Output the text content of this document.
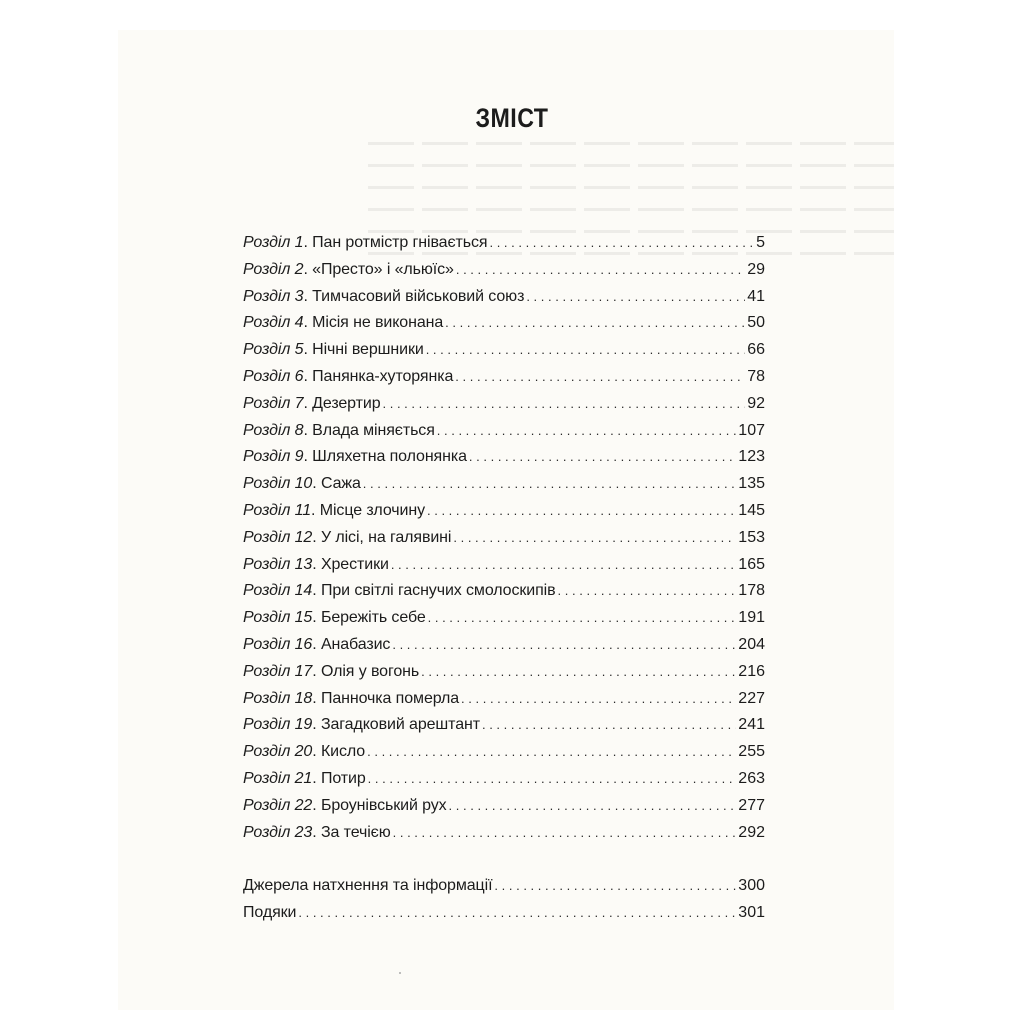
ЗМІСТ
Розділ 1. Пан ротмістр гнівається . . .	5
Розділ 2. «Престо» і «льюїс» . . .	29
Розділ 3. Тимчасовий військовий союз . . .	41
Розділ 4. Місія не виконана . . .	50
Розділ 5. Нічні вершники . . .	66
Розділ 6. Панянка-хуторянка . . .	78
Розділ 7. Дезертир . . .	92
Розділ 8. Влада міняється . . .	107
Розділ 9. Шляхетна полонянка . . .	123
Розділ 10. Сажа . . .	135
Розділ 11. Місце злочину . . .	145
Розділ 12. У лісі, на галявині . . .	153
Розділ 13. Хрестики . . .	165
Розділ 14. При світлі гаснучих смолоскипів . . .	178
Розділ 15. Бережіть себе . . .	191
Розділ 16. Анабазис . . .	204
Розділ 17. Олія у вогонь . . .	216
Розділ 18. Панночка померла . . .	227
Розділ 19. Загадковий арештант . . .	241
Розділ 20. Кисло . . .	255
Розділ 21. Потир . . .	263
Розділ 22. Броунівський рух . . .	277
Розділ 23. За течією . . .	292
Джерела натхнення та інформації . . .	300
Подяки . . .	301
